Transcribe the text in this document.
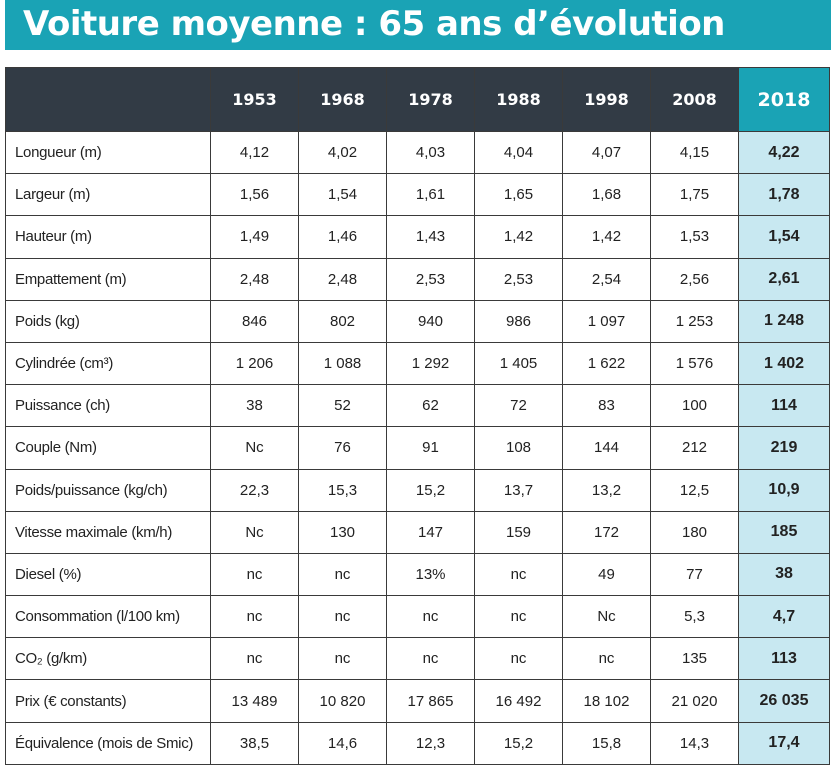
Voiture moyenne : 65 ans d’évolution
	1953	1968	1978	1988	1998	2008	2018
Longueur (m)	4,12	4,02	4,03	4,04	4,07	4,15	4,22
Largeur (m)	1,56	1,54	1,61	1,65	1,68	1,75	1,78
Hauteur (m)	1,49	1,46	1,43	1,42	1,42	1,53	1,54
Empattement (m)	2,48	2,48	2,53	2,53	2,54	2,56	2,61
Poids (kg)	846	802	940	986	1 097	1 253	1 248
Cylindrée (cm³)	1 206	1 088	1 292	1 405	1 622	1 576	1 402
Puissance (ch)	38	52	62	72	83	100	114
Couple (Nm)	Nc	76	91	108	144	212	219
Poids/puissance (kg/ch)	22,3	15,3	15,2	13,7	13,2	12,5	10,9
Vitesse maximale (km/h)	Nc	130	147	159	172	180	185
Diesel (%)	nc	nc	13%	nc	49	77	38
Consommation (l/100 km)	nc	nc	nc	nc	Nc	5,3	4,7
CO₂ (g/km)	nc	nc	nc	nc	nc	135	113
Prix (€ constants)	13 489	10 820	17 865	16 492	18 102	21 020	26 035
Équivalence (mois de Smic)	38,5	14,6	12,3	15,2	15,8	14,3	17,4
